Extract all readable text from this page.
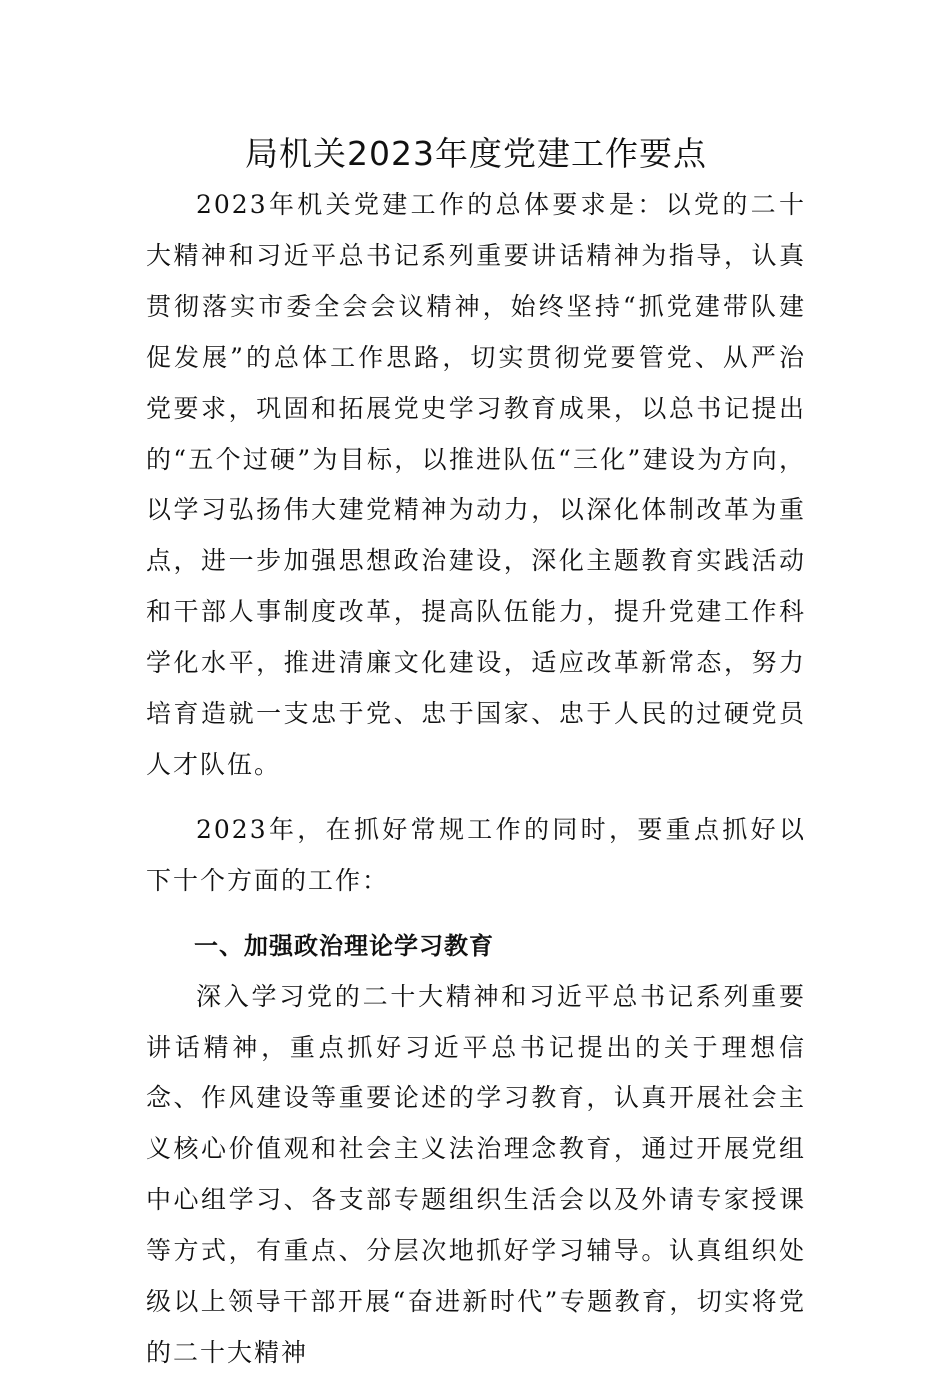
局机关2023年度党建工作要点

2023年机关党建工作的总体要求是：以党的二十大精神和习近平总书记系列重要讲话精神为指导，认真贯彻落实市委全会会议精神，始终坚持“抓党建带队建促发展”的总体工作思路，切实贯彻党要管党、从严治党要求，巩固和拓展党史学习教育成果，以总书记提出的“五个过硬”为目标，以推进队伍“三化”建设为方向，以学习弘扬伟大建党精神为动力，以深化体制改革为重点，进一步加强思想政治建设，深化主题教育实践活动和干部人事制度改革，提高队伍能力，提升党建工作科学化水平，推进清廉文化建设，适应改革新常态，努力培育造就一支忠于党、忠于国家、忠于人民的过硬党员人才队伍。

2023年，在抓好常规工作的同时，要重点抓好以下十个方面的工作：

一、加强政治理论学习教育

深入学习党的二十大精神和习近平总书记系列重要讲话精神，重点抓好习近平总书记提出的关于理想信念、作风建设等重要论述的学习教育，认真开展社会主义核心价值观和社会主义法治理念教育，通过开展党组中心组学习、各支部专题组织生活会以及外请专家授课等方式，有重点、分层次地抓好学习辅导。认真组织处级以上领导干部开展“奋进新时代”专题教育，切实将党的二十大精神
